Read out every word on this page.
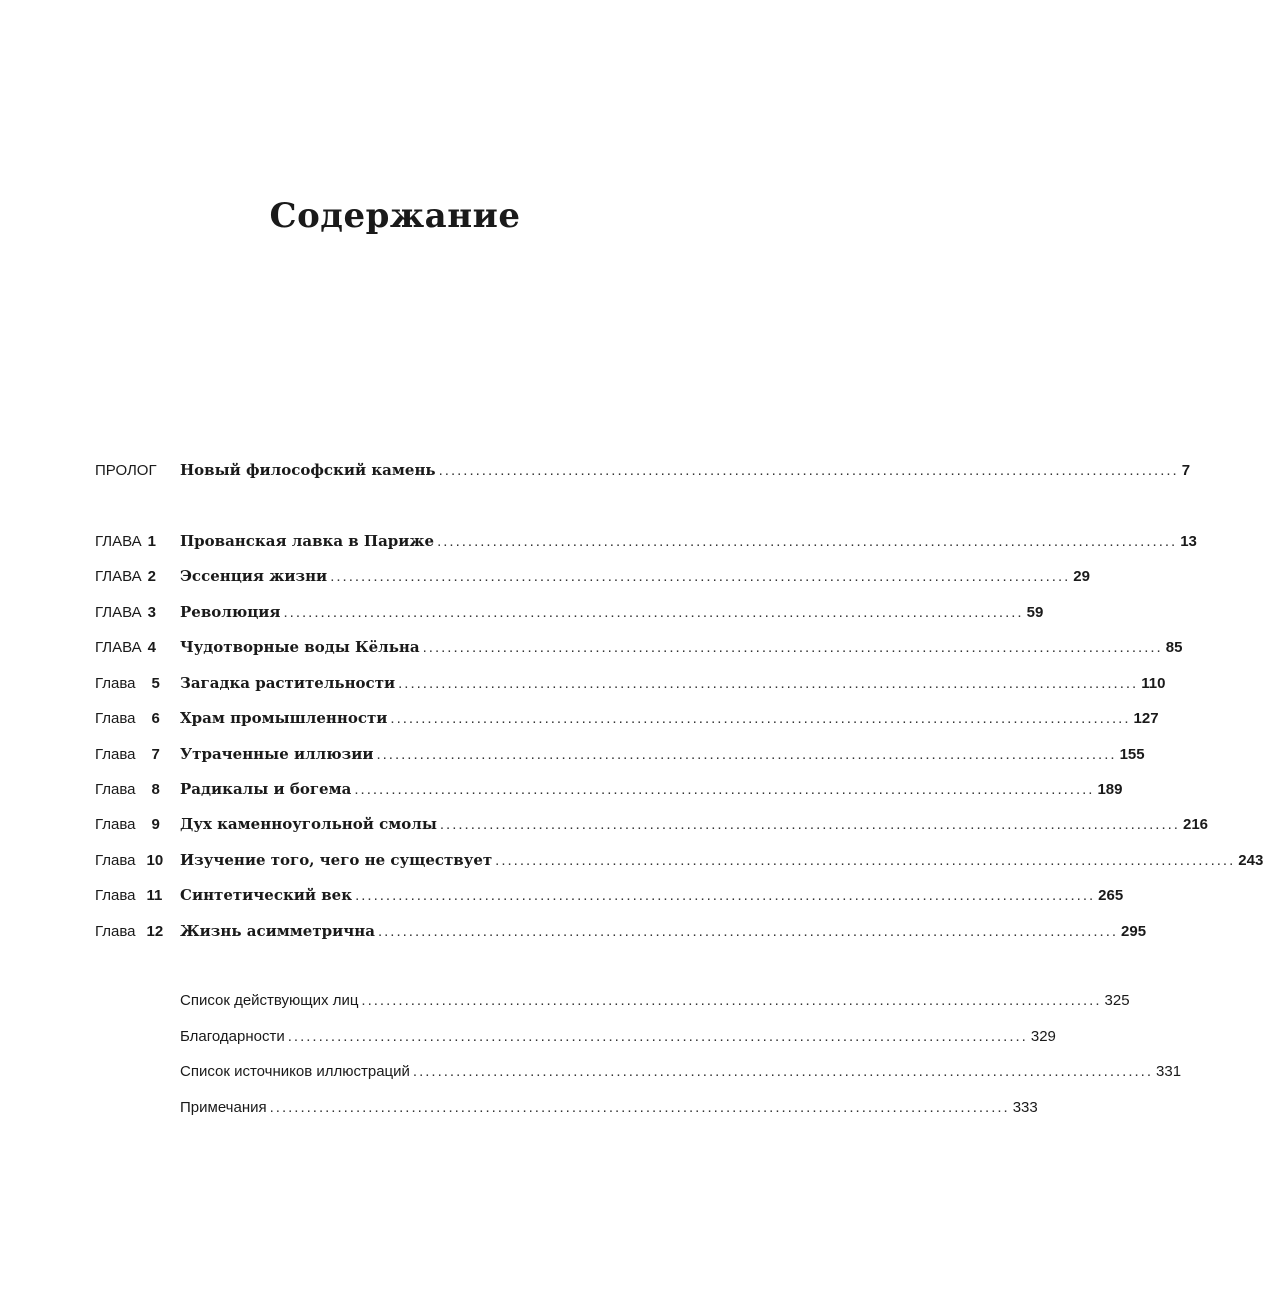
Содержание
ПРОЛОГ	Новый философский камень ........................................................................................................................ 7
ГЛАВА 1 Прованская лавка в Париже ........................................................................................................................ 13
ГЛАВА 2 Эссенция жизни ........................................................................................................................ 29
ГЛАВА 3 Революция ........................................................................................................................ 59
ГЛАВА 4 Чудотворные воды Кёльна ........................................................................................................................ 85
Глава 5 Загадка растительности ........................................................................................................................ 110
Глава 6 Храм промышленности ........................................................................................................................ 127
Глава 7 Утраченные иллюзии ........................................................................................................................ 155
Глава 8 Радикалы и богема ........................................................................................................................ 189
Глава 9 Дух каменноугольной смолы ........................................................................................................................ 216
Глава 10 Изучение того, чего не существует ........................................................................................................................ 243
Глава 11 Синтетический век ........................................................................................................................ 265
Глава 12 Жизнь асимметрична ........................................................................................................................ 295
Список действующих лиц ........................................................................................................................ 325
Благодарности ........................................................................................................................ 329
Список источников иллюстраций ........................................................................................................................ 331
Примечания ........................................................................................................................ 333
